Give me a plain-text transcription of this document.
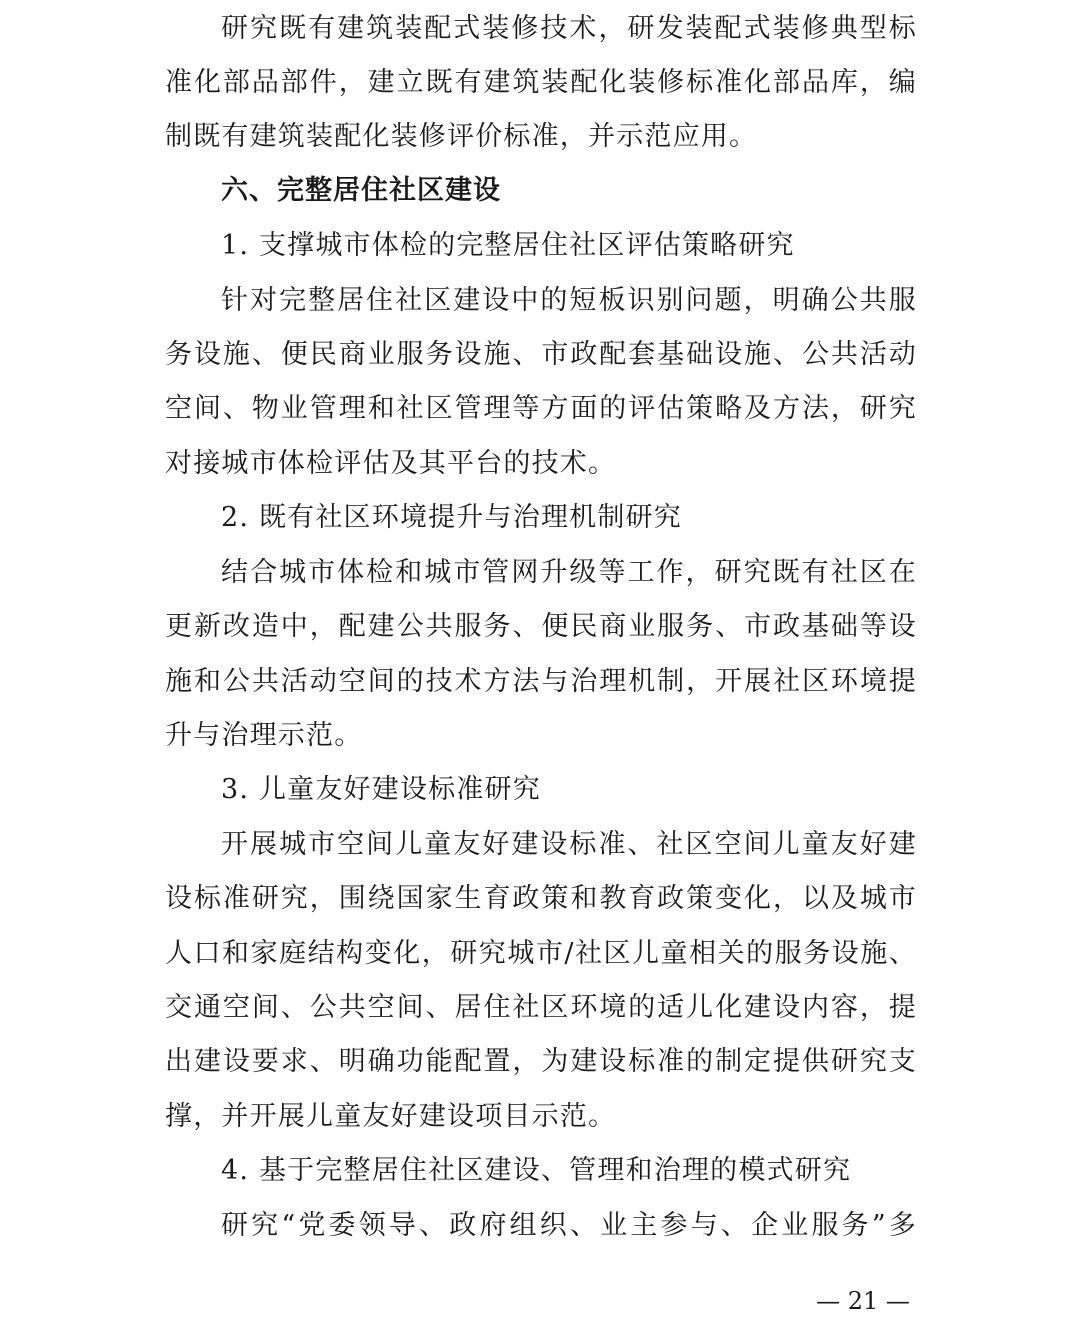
研究既有建筑装配式装修技术，研发装配式装修典型标
准化部品部件，建立既有建筑装配化装修标准化部品库，编
制既有建筑装配化装修评价标准，并示范应用。
六、完整居住社区建设
1. 支撑城市体检的完整居住社区评估策略研究
针对完整居住社区建设中的短板识别问题，明确公共服
务设施、便民商业服务设施、市政配套基础设施、公共活动
空间、物业管理和社区管理等方面的评估策略及方法，研究
对接城市体检评估及其平台的技术。
2. 既有社区环境提升与治理机制研究
结合城市体检和城市管网升级等工作，研究既有社区在
更新改造中，配建公共服务、便民商业服务、市政基础等设
施和公共活动空间的技术方法与治理机制，开展社区环境提
升与治理示范。
3. 儿童友好建设标准研究
开展城市空间儿童友好建设标准、社区空间儿童友好建
设标准研究，围绕国家生育政策和教育政策变化，以及城市
人口和家庭结构变化，研究城市/社区儿童相关的服务设施、
交通空间、公共空间、居住社区环境的适儿化建设内容，提
出建设要求、明确功能配置，为建设标准的制定提供研究支
撑，并开展儿童友好建设项目示范。
4. 基于完整居住社区建设、管理和治理的模式研究
研究“党委领导、政府组织、业主参与、企业服务”多
— 21 —
